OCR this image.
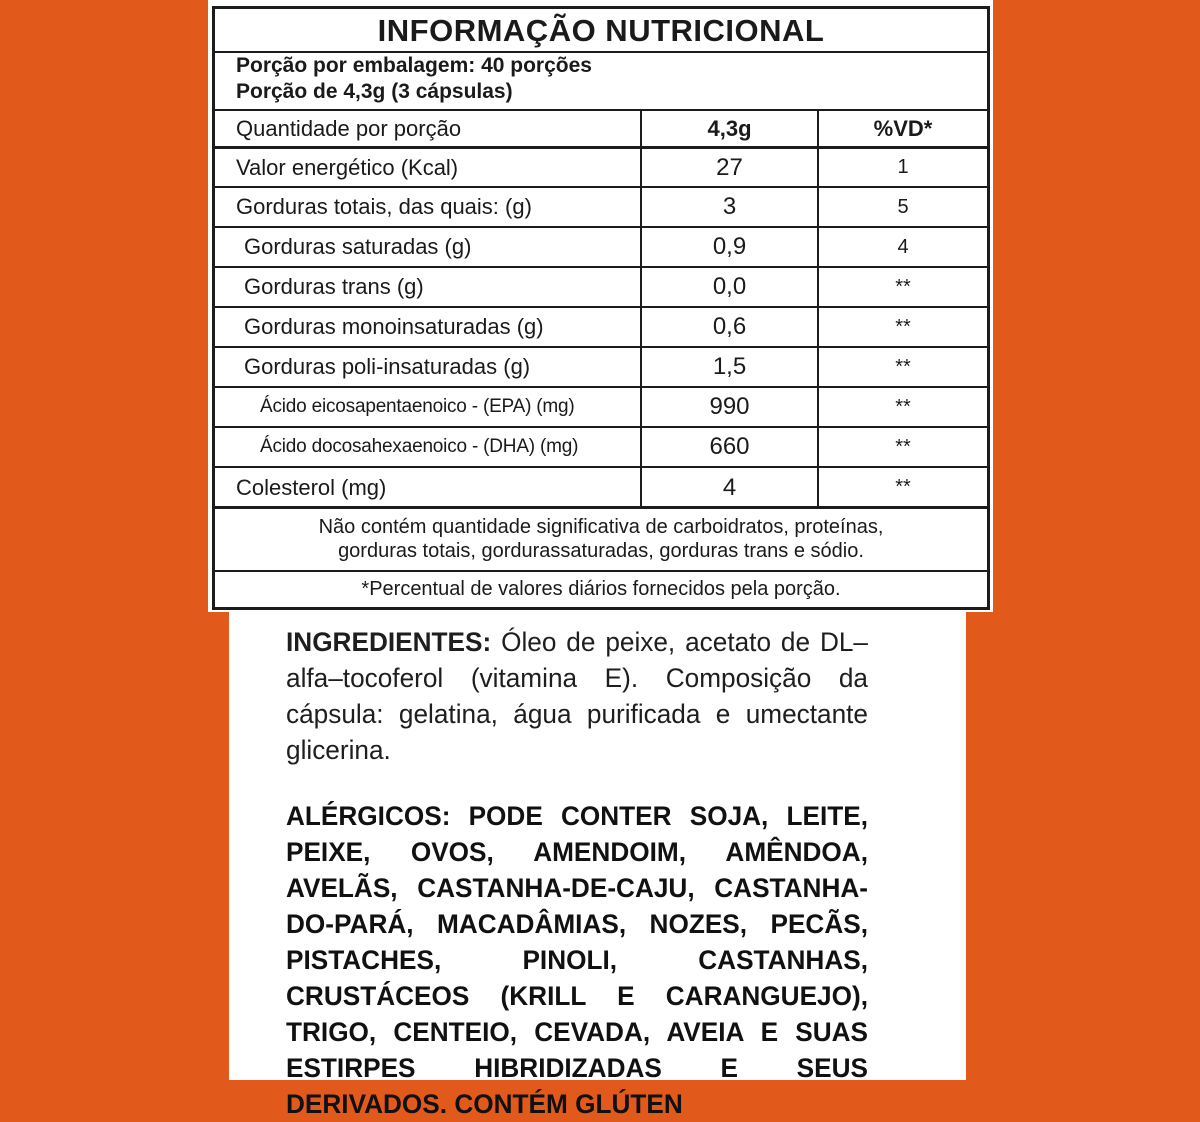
INFORMAÇÃO NUTRICIONAL
Porção por embalagem: 40 porções
Porção de 4,3g (3 cápsulas)
Quantidade por porção	4,3g	%VD*
Valor energético (Kcal)	27	1
Gorduras totais, das quais: (g)	3	5
Gorduras saturadas (g)	0,9	4
Gorduras trans (g)	0,0	**
Gorduras monoinsaturadas (g)	0,6	**
Gorduras poli-insaturadas (g)	1,5	**
Ácido eicosapentaenoico - (EPA) (mg)	990	**
Ácido docosahexaenoico - (DHA) (mg)	660	**
Colesterol (mg)	4	**
Não contém quantidade significativa de carboidratos, proteínas,
gorduras totais, gordurassaturadas, gorduras trans e sódio.
*Percentual de valores diários fornecidos pela porção.
INGREDIENTES: Óleo de peixe, acetato de DL–alfa–tocoferol (vitamina E). Composição da cápsula: gelatina, água purificada e umectante glicerina.
ALÉRGICOS: PODE CONTER SOJA, LEITE, PEIXE, OVOS, AMENDOIM, AMÊNDOA, AVELÃS, CASTANHA-DE-CAJU, CASTANHA-DO-PARÁ, MACADÂMIAS, NOZES, PECÃS, PISTACHES, PINOLI, CASTANHAS, CRUSTÁCEOS (KRILL E CARANGUEJO), TRIGO, CENTEIO, CEVADA, AVEIA E SUAS ESTIRPES HIBRIDIZADAS E SEUS DERIVADOS. CONTÉM GLÚTEN
